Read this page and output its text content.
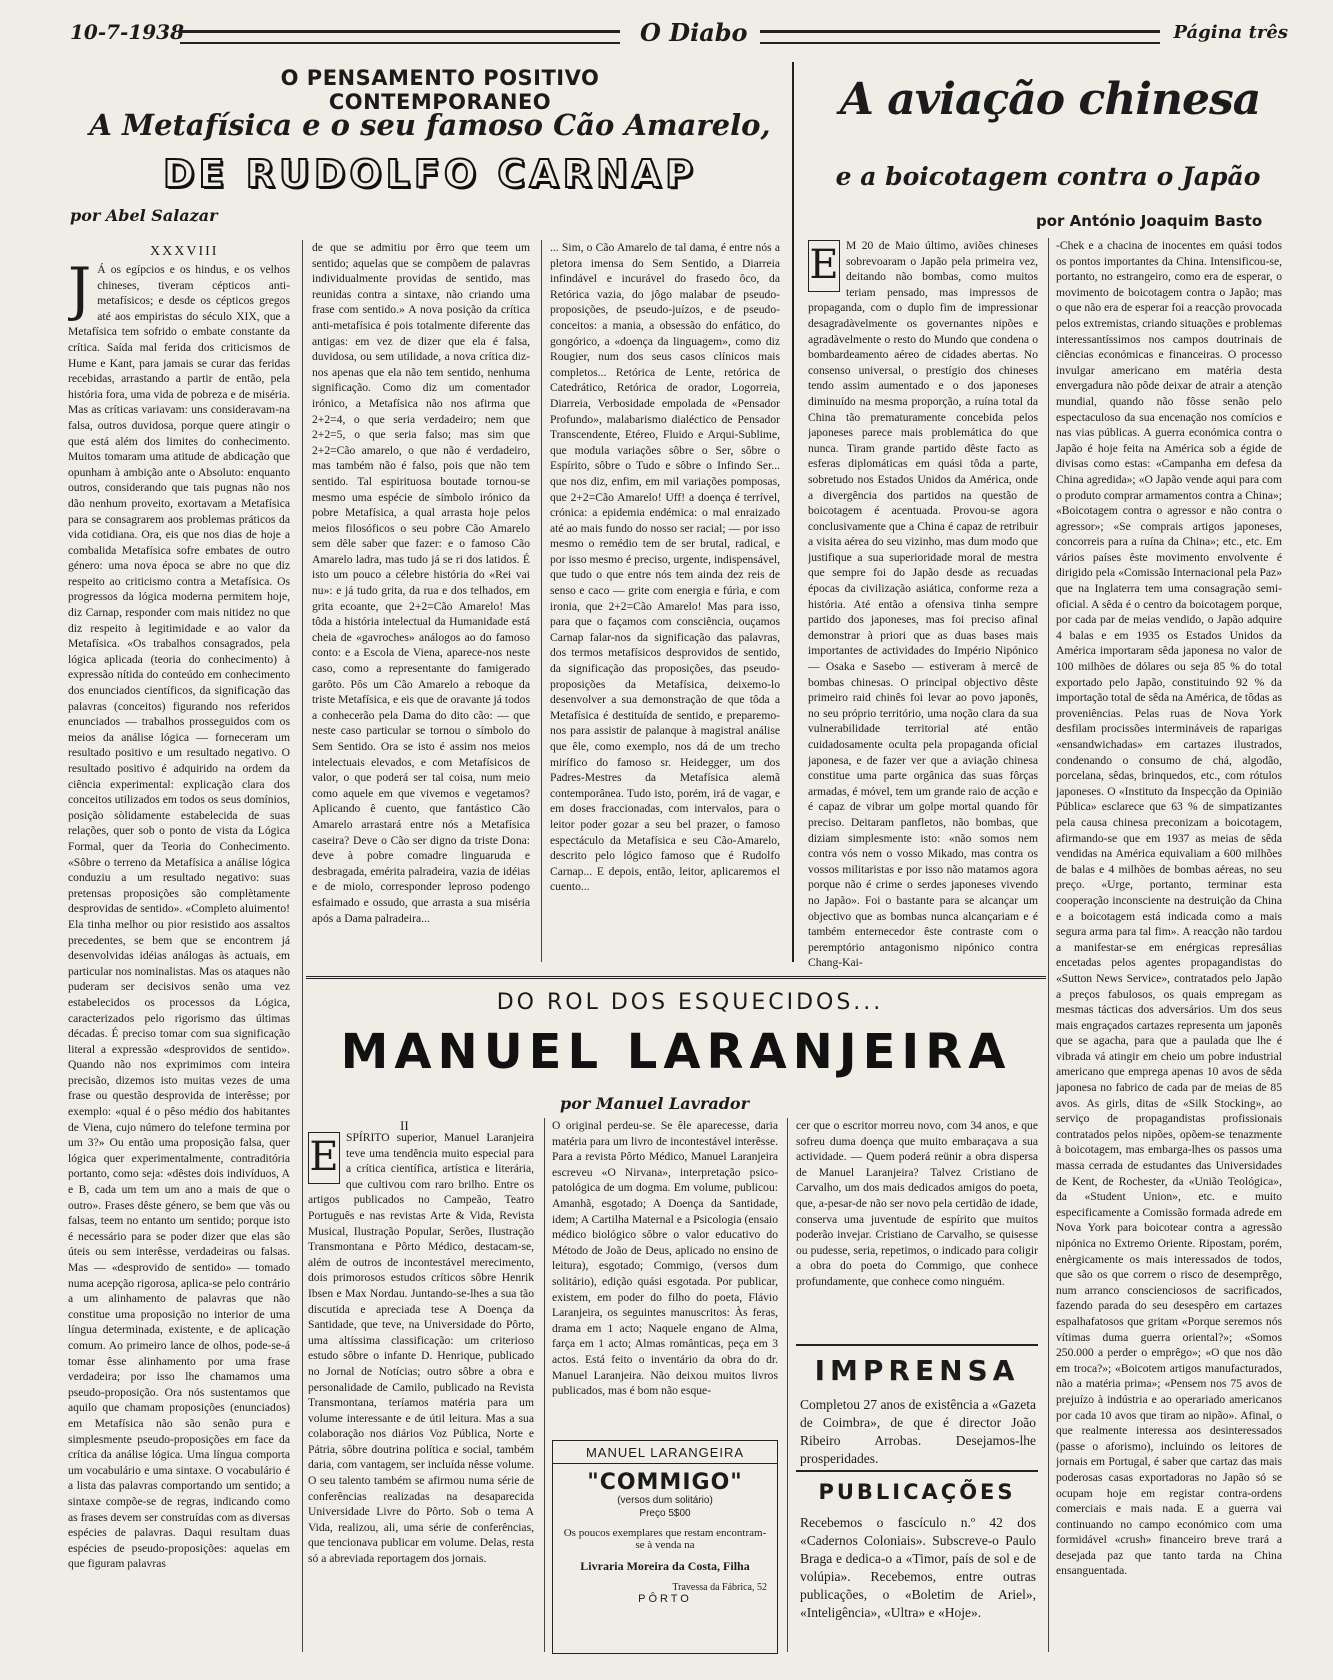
10-7-1938	O Diabo	Página três
O PENSAMENTO POSITIVO CONTEMPORANEO
A Metafísica e o seu famoso Cão Amarelo,
DE RUDOLFO CARNAP
por Abel Salazar
XXXVIII
J Á os egípcios e os hindus, e os velhos chineses, tiveram cépticos anti-metafísicos; e desde os cépticos gregos até aos empiristas do século XIX, que a Metafísica tem sofrido o embate constante da crítica. Saída mal ferida dos criticismos de Hume e Kant, para jamais se curar das feridas recebidas, arrastando a partir de então, pela história fora, uma vida de pobreza e de miséria. Mas as críticas variavam: uns consideravam-na falsa, outros duvidosa, porque quere atingir o que está além dos limites do conhecimento. Muitos tomaram uma atitude de abdicação que opunham à ambição ante o Absoluto: enquanto outros, considerando que tais pugnas não nos dão nenhum proveito, exortavam a Metafísica para se consagrarem aos problemas práticos da vida cotidiana. Ora, eis que nos dias de hoje a combalida Metafísica sofre embates de outro género: uma nova época se abre no que diz respeito ao criticismo contra a Metafísica. Os progressos da lógica moderna permitem hoje, diz Carnap, responder com mais nitidez no que diz respeito à legitimidade e ao valor da Metafísica. «Os trabalhos consagrados, pela lógica aplicada (teoria do conhecimento) à expressão nítida do conteúdo em conhecimento dos enunciados científicos, da significação das palavras (conceitos) figurando nos referidos enunciados — trabalhos prosseguidos com os meios da análise lógica — forneceram um resultado positivo e um resultado negativo. O resultado positivo é adquirido na ordem da ciência experimental: explicação clara dos conceitos utilizados em todos os seus domínios, posição sòlidamente estabelecida de suas relações, quer sob o ponto de vista da Lógica Formal, quer da Teoria do Conhecimento. «Sôbre o terreno da Metafísica a análise lógica conduziu a um resultado negativo: suas pretensas proposições são complètamente desprovidas de sentido». «Completo aluimento! Ela tinha melhor ou pior resistido aos assaltos precedentes, se bem que se encontrem já desenvolvidas idéias análogas às actuais, em particular nos nominalistas. Mas os ataques não puderam ser decisivos senão uma vez estabelecidos os processos da Lógica, caracterizados pelo rigorismo das últimas décadas. É preciso tomar com sua significação literal a expressão «desprovidos de sentido». Quando não nos exprimimos com inteira precisão, dizemos isto muitas vezes de uma frase ou questão desprovida de interêsse; por exemplo: «qual é o pêso médio dos habitantes de Viena, cujo número do telefone termina por um 3?» Ou então uma proposição falsa, quer lógica quer experimentalmente, contraditória portanto, como seja: «dêstes dois indivíduos, A e B, cada um tem um ano a mais de que o outro». Frases dêste género, se bem que vãs ou falsas, teem no entanto um sentido; porque isto é necessário para se poder dizer que elas são úteis ou sem interêsse, verdadeiras ou falsas. Mas — «desprovido de sentido» — tomado numa acepção rigorosa, aplica-se pelo contrário a um alinhamento de palavras que não constitue uma proposição no interior de uma língua determinada, existente, e de aplicação comum. Ao primeiro lance de olhos, pode-se-á tomar êsse alinhamento por uma frase verdadeira; por isso lhe chamamos uma pseudo-proposição. Ora nós sustentamos que aquilo que chamam proposições (enunciados) em Metafísica não são senão pura e simplesmente pseudo-proposições em face da crítica da análise lógica. Uma língua comporta um vocabulário e uma sintaxe. O vocabulário é a lista das palavras comportando um sentido; a sintaxe compõe-se de regras, indicando como as frases devem ser construídas com as diversas espécies de palavras. Daqui resultam duas espécies de pseudo-proposições: aquelas em que figuram palavras
de que se admitiu por êrro que teem um sentido; aquelas que se compõem de palavras individualmente providas de sentido, mas reunidas contra a sintaxe, não criando uma frase com sentido.» A nova posição da crítica anti-metafísica é pois totalmente diferente das antigas: em vez de dizer que ela é falsa, duvidosa, ou sem utilidade, a nova crítica diz-nos apenas que ela não tem sentido, nenhuma significação. Como diz um comentador irónico, a Metafísica não nos afirma que 2+2=4, o que seria verdadeiro; nem que 2+2=5, o que seria falso; mas sim que 2+2=Cão amarelo, o que não é verdadeiro, mas também não é falso, pois que não tem sentido. Tal espirituosa boutade tornou-se mesmo uma espécie de símbolo irónico da pobre Metafísica, a qual arrasta hoje pelos meios filosóficos o seu pobre Cão Amarelo sem dêle saber que fazer: e o famoso Cão Amarelo ladra, mas tudo já se ri dos latidos. É isto um pouco a célebre história do «Rei vai nu»: e já tudo grita, da rua e dos telhados, em grita ecoante, que 2+2=Cão Amarelo! Mas tôda a história intelectual da Humanidade está cheia de «gavroches» análogos ao do famoso conto: e a Escola de Viena, aparece-nos neste caso, como a representante do famigerado garôto. Pôs um Cão Amarelo a reboque da triste Metafísica, e eis que de oravante já todos a conhecerão pela Dama do dito cão: — que neste caso particular se tornou o símbolo do Sem Sentido. Ora se isto é assim nos meios intelectuais elevados, e com Metafísicos de valor, o que poderá ser tal coisa, num meio como aquele em que vivemos e vegetamos? Aplicando ê cuento, que fantástico Cão Amarelo arrastará entre nós a Metafísica caseira? Deve o Cão ser digno da triste Dona: deve à pobre comadre linguaruda e desbragada, emérita palradeira, vazia de idéias e de miolo, corresponder leproso podengo esfaimado e ossudo, que arrasta a sua miséria após a Dama palradeira...
... Sim, o Cão Amarelo de tal dama, é entre nós a pletora imensa do Sem Sentido, a Diarreia infindável e incurável do frasedo ôco, da Retórica vazia, do jôgo malabar de pseudo-proposições, de pseudo-juízos, e de pseudo-conceitos: a mania, a obsessão do enfático, do gongórico, a «doença da linguagem», como diz Rougier, num dos seus casos clínicos mais completos... Retórica de Lente, retórica de Catedrático, Retórica de orador, Logorreia, Diarreia, Verbosidade empolada de «Pensador Profundo», malabarismo dialéctico de Pensador Transcendente, Etéreo, Fluido e Arqui-Sublime, que modula variações sôbre o Ser, sôbre o Espírito, sôbre o Tudo e sôbre o Infindo Ser... que nos diz, enfim, em mil variações pomposas, que 2+2=Cão Amarelo! Uff! a doença é terrível, crónica: a epidemia endémica: o mal enraizado até ao mais fundo do nosso ser racial; — por isso mesmo o remédio tem de ser brutal, radical, e por isso mesmo é preciso, urgente, indispensável, que tudo o que entre nós tem ainda dez reis de senso e caco — grite com energia e fúria, e com ironia, que 2+2=Cão Amarelo! Mas para isso, para que o façamos com consciência, ouçamos Carnap falar-nos da significação das palavras, dos termos metafísicos desprovidos de sentido, da significação das proposições, das pseudo-proposições da Metafísica, deixemo-lo desenvolver a sua demonstração de que tôda a Metafísica é destituída de sentido, e preparemo-nos para assistir de palanque à magistral análise que êle, como exemplo, nos dá de um trecho mirífico do famoso sr. Heidegger, um dos Padres-Mestres da Metafísica alemã contemporânea. Tudo isto, porém, irá de vagar, e em doses fraccionadas, com intervalos, para o leitor poder gozar a seu bel prazer, o famoso espectáculo da Metafísica e seu Cão-Amarelo, descrito pelo lógico famoso que é Rudolfo Carnap... E depois, então, leitor, aplicaremos el cuento...
A aviação chinesa
e a boicotagem contra o Japão
por António Joaquim Basto
E M 20 de Maio último, aviões chineses sobrevoaram o Japão pela primeira vez, deitando não bombas, como muitos teriam pensado, mas impressos de propaganda, com o duplo fim de impressionar desagradàvelmente os governantes nipões e agradàvelmente o resto do Mundo que condena o bombardeamento aéreo de cidades abertas. No consenso universal, o prestígio dos chineses tendo assim aumentado e o dos japoneses diminuído na mesma proporção, a ruína total da China tão prematuramente concebida pelos japoneses parece mais problemática do que nunca. Tiram grande partido dêste facto as esferas diplomáticas em quási tôda a parte, sobretudo nos Estados Unidos da América, onde a divergência dos partidos na questão de boicotagem é acentuada. Provou-se agora conclusivamente que a China é capaz de retribuir a visita aérea do seu vizinho, mas dum modo que justifique a sua superioridade moral de mestra que sempre foi do Japão desde as recuadas épocas da civilização asiática, conforme reza a história. Até então a ofensiva tinha sempre partido dos japoneses, mas foi preciso afinal demonstrar à priori que as duas bases mais importantes de actividades do Império Nipónico — Osaka e Sasebo — estiveram à mercê de bombas chinesas. O principal objectivo dêste primeiro raid chinês foi levar ao povo japonês, no seu próprio território, uma noção clara da sua vulnerabilidade territorial até então cuidadosamente oculta pela propaganda oficial japonesa, e de fazer ver que a aviação chinesa constitue uma parte orgânica das suas fôrças armadas, é móvel, tem um grande raio de acção e é capaz de vibrar um golpe mortal quando fôr preciso. Deitaram panfletos, não bombas, que diziam simplesmente isto: «não somos nem contra vós nem o vosso Mikado, mas contra os vossos militaristas e por isso não matamos agora porque não é crime o serdes japoneses vivendo no Japão». Foi o bastante para se alcançar um objectivo que as bombas nunca alcançariam e é também enternecedor êste contraste com o peremptório antagonismo nipónico contra Chang-Kai-
-Chek e a chacina de inocentes em quási todos os pontos importantes da China. Intensificou-se, portanto, no estrangeiro, como era de esperar, o movimento de boicotagem contra o Japão; mas o que não era de esperar foi a reacção provocada pelos extremistas, criando situações e problemas interessantíssimos nos campos doutrinais de ciências económicas e financeiras. O processo invulgar americano em matéria desta envergadura não pôde deixar de atrair a atenção mundial, quando não fôsse senão pelo espectaculoso da sua encenação nos comícios e nas vias públicas. A guerra económica contra o Japão é hoje feita na América sob a égide de divisas como estas: «Campanha em defesa da China agredida»; «O Japão vende aqui para com o produto comprar armamentos contra a China»; «Boicotagem contra o agressor e não contra o agressor»; «Se comprais artigos japoneses, concorreis para a ruína da China»; etc., etc. Em vários países êste movimento envolvente é dirigido pela «Comissão Internacional pela Paz» que na Inglaterra tem uma consagração semi-oficial. A sêda é o centro da boicotagem porque, por cada par de meias vendido, o Japão adquire 4 balas e em 1935 os Estados Unidos da América importaram sêda japonesa no valor de 100 milhões de dólares ou seja 85 % do total exportado pelo Japão, constituindo 92 % da importação total de sêda na América, de tôdas as proveniências. Pelas ruas de Nova York desfilam procissões intermináveis de raparigas «ensandwichadas» em cartazes ilustrados, condenando o consumo de chá, algodão, porcelana, sêdas, brinquedos, etc., com rótulos japoneses. O «Instituto da Inspecção da Opinião Pública» esclarece que 63 % de simpatizantes pela causa chinesa preconizam a boicotagem, afirmando-se que em 1937 as meias de sêda vendidas na América equivaliam a 600 milhões de balas e 4 milhões de bombas aéreas, no seu preço. «Urge, portanto, terminar esta cooperação inconsciente na destruição da China e a boicotagem está indicada como a mais segura arma para tal fim». A reacção não tardou a manifestar-se em enérgicas represálias encetadas pelos agentes propagandistas do «Sutton News Service», contratados pelo Japão a preços fabulosos, os quais empregam as mesmas tácticas dos adversários. Um dos seus mais engraçados cartazes representa um japonês que se agacha, para que a paulada que lhe é vibrada vá atingir em cheio um pobre industrial americano que emprega apenas 10 avos de sêda japonesa no fabrico de cada par de meias de 85 avos. As girls, ditas de «Silk Stocking», ao serviço de propagandistas profissionais contratados pelos nipões, opõem-se tenazmente à boicotagem, mas embarga-lhes os passos uma massa cerrada de estudantes das Universidades de Kent, de Rochester, da «União Teológica», da «Student Union», etc. e muito especificamente a Comissão formada adrede em Nova York para boicotear contra a agressão nipónica no Extremo Oriente. Ripostam, porém, enèrgicamente os mais interessados de todos, que são os que correm o risco de desemprêgo, num arranco conscienciosos de sacrificados, fazendo parada do seu desespêro em cartazes espalhafatosos que gritam «Porque seremos nós vítimas duma guerra oriental?»; «Somos 250.000 a perder o emprêgo»; «O que nos dão em troca?»; «Boicotem artigos manufacturados, não a matéria prima»; «Pensem nos 75 avos de prejuízo à indústria e ao operariado americanos por cada 10 avos que tiram ao nipão». Afinal, o que realmente interessa aos desinteressados (passe o aforismo), incluindo os leitores de jornais em Portugal, é saber que cartaz das mais poderosas casas exportadoras no Japão só se ocupam hoje em registar contra-ordens comerciais e mais nada. E a guerra vai continuando no campo económico com uma formidável «crush» financeiro breve trará a desejada paz que tanto tarda na China ensanguentada.
DO ROL DOS ESQUECIDOS...
MANUEL LARANJEIRA
por Manuel Lavrador
II
E SPÍRITO superior, Manuel Laranjeira teve uma tendência muito especial para a crítica científica, artística e literária, que cultivou com raro brilho. Entre os artigos publicados no Campeão, Teatro Português e nas revistas Arte & Vida, Revista Musical, Ilustração Popular, Serões, Ilustração Transmontana e Pôrto Médico, destacam-se, além de outros de incontestável merecimento, dois primorosos estudos críticos sôbre Henrik Ibsen e Max Nordau. Juntando-se-lhes a sua tão discutida e apreciada tese A Doença da Santidade, que teve, na Universidade do Pôrto, uma altíssima classificação: um criterioso estudo sôbre o infante D. Henrique, publicado no Jornal de Notícias; outro sôbre a obra e personalidade de Camilo, publicado na Revista Transmontana, teríamos matéria para um volume interessante e de útil leitura. Mas a sua colaboração nos diários Voz Pública, Norte e Pátria, sôbre doutrina política e social, também daria, com vantagem, ser incluída nêsse volume. O seu talento também se afirmou numa série de conferências realizadas na desaparecida Universidade Livre do Pôrto. Sob o tema A Vida, realizou, ali, uma série de conferências, que tencionava publicar em volume. Delas, resta só a abreviada reportagem dos jornais.
O original perdeu-se. Se êle aparecesse, daria matéria para um livro de incontestável interêsse. Para a revista Pôrto Médico, Manuel Laranjeira escreveu «O Nirvana», interpretação psico-patológica de um dogma. Em volume, publicou: Amanhã, esgotado; A Doença da Santidade, idem; A Cartilha Maternal e a Psicologia (ensaio médico biológico sôbre o valor educativo do Método de João de Deus, aplicado no ensino de leitura), esgotado; Commigo, (versos dum solitário), edição quási esgotada. Por publicar, existem, em poder do filho do poeta, Flávio Laranjeira, os seguintes manuscritos: Às feras, drama em 1 acto; Naquele engano de Alma, farça em 1 acto; Almas românticas, peça em 3 actos. Está feito o inventário da obra do dr. Manuel Laranjeira. Não deixou muitos livros publicados, mas é bom não esque-
MANUEL LARANGEIRA
"COMMIGO"
(versos dum solitário)
Preço 5$00
Os poucos exemplares que restam encontram-se à venda na
Livraria Moreira da Costa, Filha
Travessa da Fábrica, 52
PÔRTO
cer que o escritor morreu novo, com 34 anos, e que sofreu duma doença que muito embaraçava a sua actividade. — Quem poderá reünir a obra dispersa de Manuel Laranjeira? Talvez Cristiano de Carvalho, um dos mais dedicados amigos do poeta, que, a-pesar-de não ser novo pela certidão de idade, conserva uma juventude de espírito que muitos poderão invejar. Cristiano de Carvalho, se quisesse ou pudesse, seria, repetimos, o indicado para coligir a obra do poeta do Commigo, que conhece profundamente, que conhece como ninguém.
IMPRENSA
Completou 27 anos de existência a «Gazeta de Coimbra», de que é director João Ribeiro Arrobas. Desejamos-lhe prosperidades.
PUBLICAÇÕES
Recebemos o fascículo n.º 42 dos «Cadernos Coloniais». Subscreve-o Paulo Braga e dedica-o a «Timor, país de sol e de volúpia». Recebemos, entre outras publicações, o «Boletim de Ariel», «Inteligência», «Ultra» e «Hoje».
